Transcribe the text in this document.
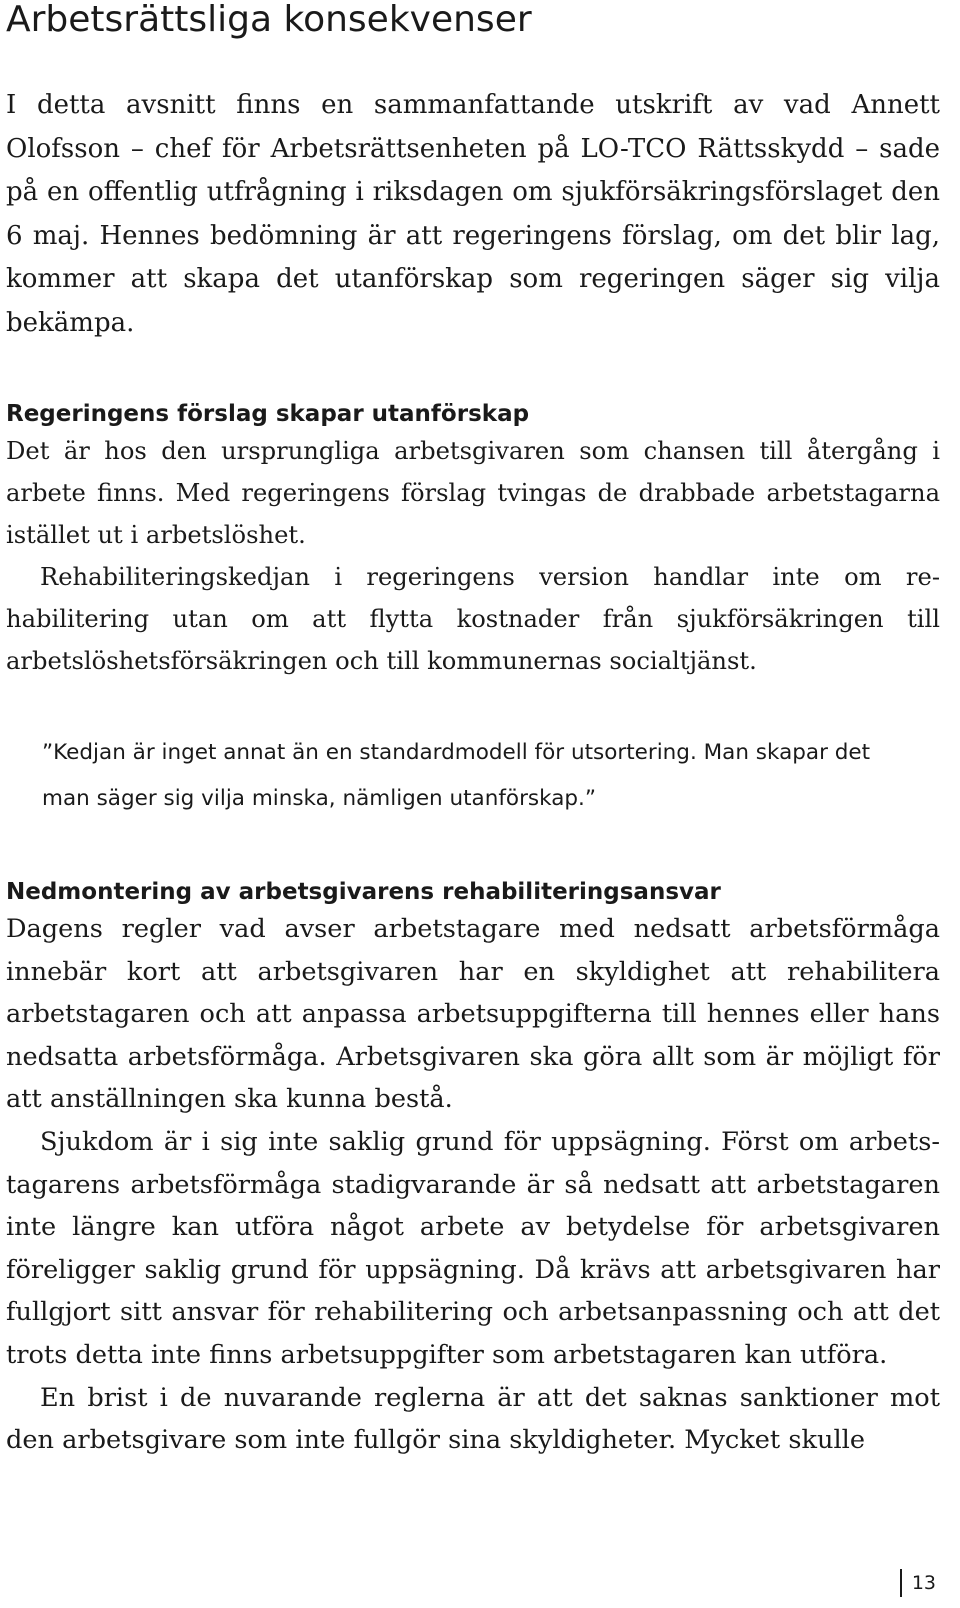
Arbetsrättsliga konsekvenser

I detta avsnitt finns en sammanfattande utskrift av vad Annett Olofsson – chef för Arbetsrättsenheten på LO-TCO Rättsskydd – sade på en offentlig utfrågning i riksdagen om sjukförsäkringsförslaget den 6 maj. Hennes bedömning är att regeringens förslag, om det blir lag, kommer att skapa det utanförskap som regeringen säger sig vilja bekämpa.

Regeringens förslag skapar utanförskap

Det är hos den ursprungliga arbetsgivaren som chansen till återgång i arbete finns. Med regeringens förslag tvingas de drabbade arbetstagarna istället ut i arbetslöshet.

Rehabiliteringskedjan i regeringens version handlar inte om rehabilitering utan om att flytta kostnader från sjukförsäkringen till arbetslöshetsförsäkringen och till kommunernas socialtjänst.

”Kedjan är inget annat än en standardmodell för utsortering. Man skapar det man säger sig vilja minska, nämligen utanförskap.”

Nedmontering av arbetsgivarens rehabiliteringsansvar

Dagens regler vad avser arbetstagare med nedsatt arbetsförmåga innebär kort att arbetsgivaren har en skyldighet att rehabilitera arbetstagaren och att anpassa arbetsuppgifterna till hennes eller hans nedsatta arbetsförmåga. Arbetsgivaren ska göra allt som är möjligt för att anställningen ska kunna bestå.

Sjukdom är i sig inte saklig grund för uppsägning. Först om arbetstagarens arbetsförmåga stadigvarande är så nedsatt att arbetstagaren inte längre kan utföra något arbete av betydelse för arbetsgivaren föreligger saklig grund för uppsägning. Då krävs att arbetsgivaren har fullgjort sitt ansvar för rehabilitering och arbetsanpassning och att det trots detta inte finns arbetsuppgifter som arbetstagaren kan utföra.

En brist i de nuvarande reglerna är att det saknas sanktioner mot den arbetsgivare som inte fullgör sina skyldigheter. Mycket skulle

13
